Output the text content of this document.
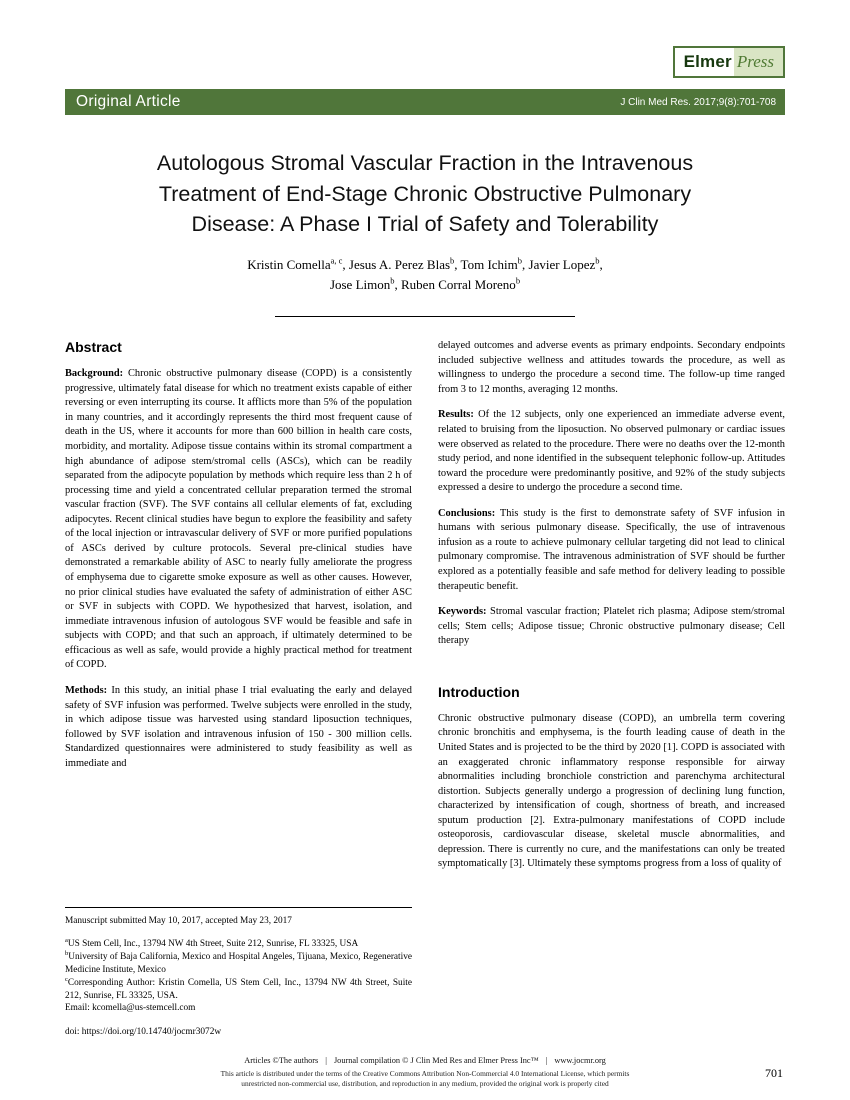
Elmer Press
Original Article	J Clin Med Res. 2017;9(8):701-708
Autologous Stromal Vascular Fraction in the Intravenous Treatment of End-Stage Chronic Obstructive Pulmonary Disease: A Phase I Trial of Safety and Tolerability
Kristin Comella$^{a, c}$, Jesus A. Perez Blas$^b$, Tom Ichim$^b$, Javier Lopez$^b$,
Jose Limon$^b$, Ruben Corral Moreno$^b$
Abstract

Background: Chronic obstructive pulmonary disease (COPD) is a consistently progressive, ultimately fatal disease for which no treatment exists capable of either reversing or even interrupting its course. It afflicts more than 5% of the population in many countries, and it accordingly represents the third most frequent cause of death in the US, where it accounts for more than 600 billion in health care costs, morbidity, and mortality. Adipose tissue contains within its stromal compartment a high abundance of adipose stem/stromal cells (ASCs), which can be readily separated from the adipocyte population by methods which require less than 2 h of processing time and yield a concentrated cellular preparation termed the stromal vascular fraction (SVF). The SVF contains all cellular elements of fat, excluding adipocytes. Recent clinical studies have begun to explore the feasibility and safety of the local injection or intravascular delivery of SVF or more purified populations of ASCs derived by culture protocols. Several pre-clinical studies have demonstrated a remarkable ability of ASC to nearly fully ameliorate the progress of emphysema due to cigarette smoke exposure as well as other causes. However, no prior clinical studies have evaluated the safety of administration of either ASC or SVF in subjects with COPD. We hypothesized that harvest, isolation, and immediate intravenous infusion of autologous SVF would be feasible and safe in subjects with COPD; and that such an approach, if ultimately determined to be efficacious as well as safe, would provide a highly practical method for treatment of COPD.

Methods: In this study, an initial phase I trial evaluating the early and delayed safety of SVF infusion was performed. Twelve subjects were enrolled in the study, in which adipose tissue was harvested using standard liposuction techniques, followed by SVF isolation and intravenous infusion of 150 - 300 million cells. Standardized questionnaires were administered to study feasibility as well as immediate and

Manuscript submitted May 10, 2017, accepted May 23, 2017

$^a$US Stem Cell, Inc., 13794 NW 4th Street, Suite 212, Sunrise, FL 33325, USA

$^b$University of Baja California, Mexico and Hospital Angeles, Tijuana, Mexico, Regenerative Medicine Institute, Mexico

$^c$Corresponding Author: Kristin Comella, US Stem Cell, Inc., 13794 NW 4th Street, Suite 212, Sunrise, FL 33325, USA.

Email: kcomella@us-stemcell.com

doi: https://doi.org/10.14740/jocmr3072w

delayed outcomes and adverse events as primary endpoints. Secondary endpoints included subjective wellness and attitudes towards the procedure, as well as willingness to undergo the procedure a second time. The follow-up time ranged from 3 to 12 months, averaging 12 months.

Results: Of the 12 subjects, only one experienced an immediate adverse event, related to bruising from the liposuction. No observed pulmonary or cardiac issues were observed as related to the procedure. There were no deaths over the 12-month study period, and none identified in the subsequent telephonic follow-up. Attitudes toward the procedure were predominantly positive, and 92% of the study subjects expressed a desire to undergo the procedure a second time.

Conclusions: This study is the first to demonstrate safety of SVF infusion in humans with serious pulmonary disease. Specifically, the use of intravenous infusion as a route to achieve pulmonary cellular targeting did not lead to clinical pulmonary compromise. The intravenous administration of SVF should be further explored as a potentially feasible and safe method for delivery leading to possible therapeutic benefit.

Keywords: Stromal vascular fraction; Platelet rich plasma; Adipose stem/stromal cells; Stem cells; Adipose tissue; Chronic obstructive pulmonary disease; Cell therapy

Introduction

Chronic obstructive pulmonary disease (COPD), an umbrella term covering chronic bronchitis and emphysema, is the fourth leading cause of death in the United States and is projected to be the third by 2020 [1]. COPD is associated with an exaggerated chronic inflammatory response responsible for airway abnormalities including bronchiole constriction and parenchyma architectural distortion. Subjects generally undergo a progression of declining lung function, characterized by intensification of cough, shortness of breath, and increased sputum production [2]. Extra-pulmonary manifestations of COPD include osteoporosis, cardiovascular disease, skeletal muscle abnormalities, and depression. There is currently no cure, and the manifestations can only be treated symptomatically [3]. Ultimately these symptoms progress from a loss of quality of

Articles ©The authors | Journal compilation © J Clin Med Res and Elmer Press Inc™ | www.jocmr.org

This article is distributed under the terms of the Creative Commons Attribution Non-Commercial 4.0 International License, which permits

unrestricted non-commercial use, distribution, and reproduction in any medium, provided the original work is properly cited

701
